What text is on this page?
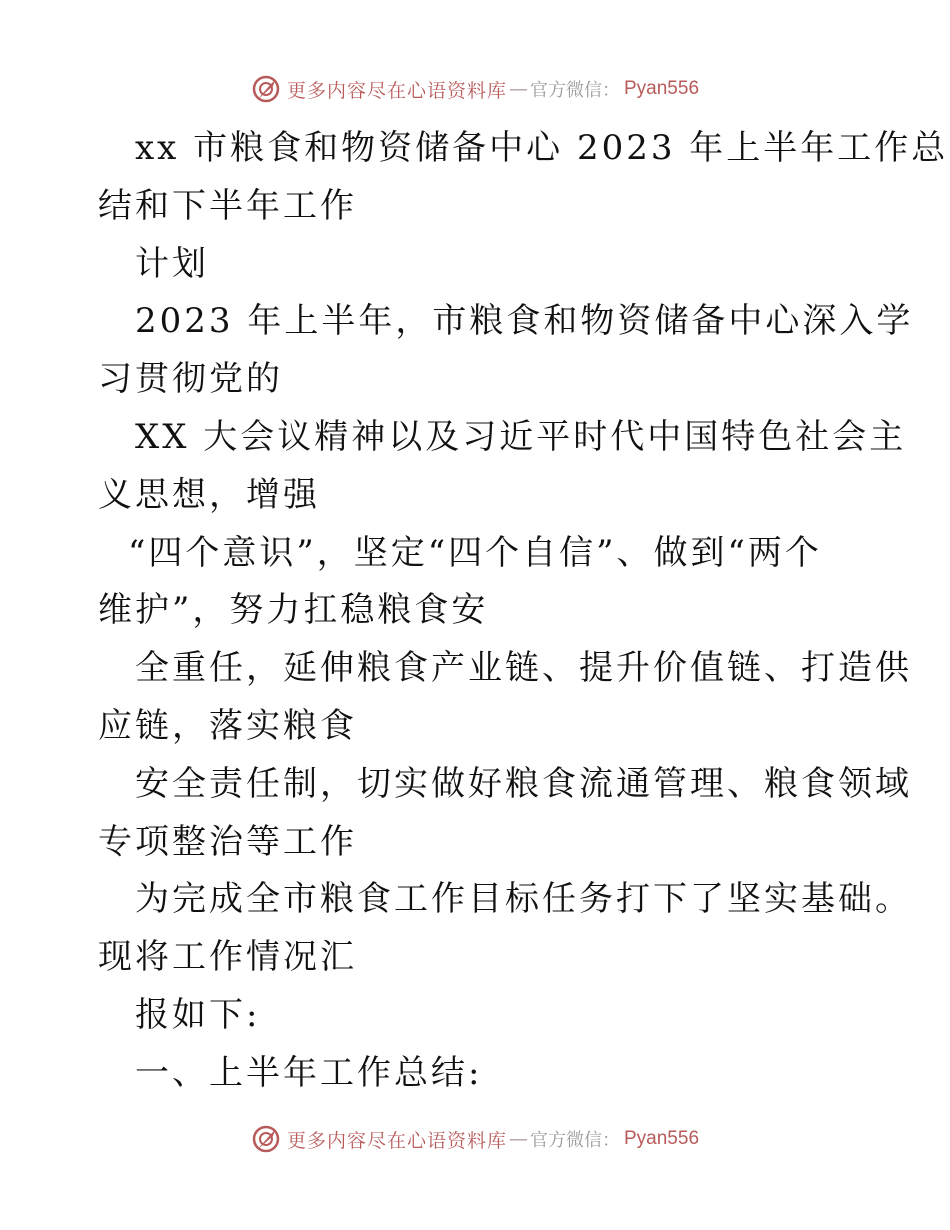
更多内容尽在心语资料库 — 官方微信： Pyan556
xx 市粮食和物资储备中心 2023 年上半年工作总
结和下半年工作
计划
2023 年上半年，市粮食和物资储备中心深入学
习贯彻党的
XX 大会议精神以及习近平时代中国特色社会主
义思想，增强
“四个意识”，坚定“四个自信”、做到“两个
维护”，努力扛稳粮食安
全重任，延伸粮食产业链、提升价值链、打造供
应链，落实粮食
安全责任制，切实做好粮食流通管理、粮食领域
专项整治等工作
为完成全市粮食工作目标任务打下了坚实基础。
现将工作情况汇
报如下:
一、上半年工作总结:
更多内容尽在心语资料库 — 官方微信： Pyan556
